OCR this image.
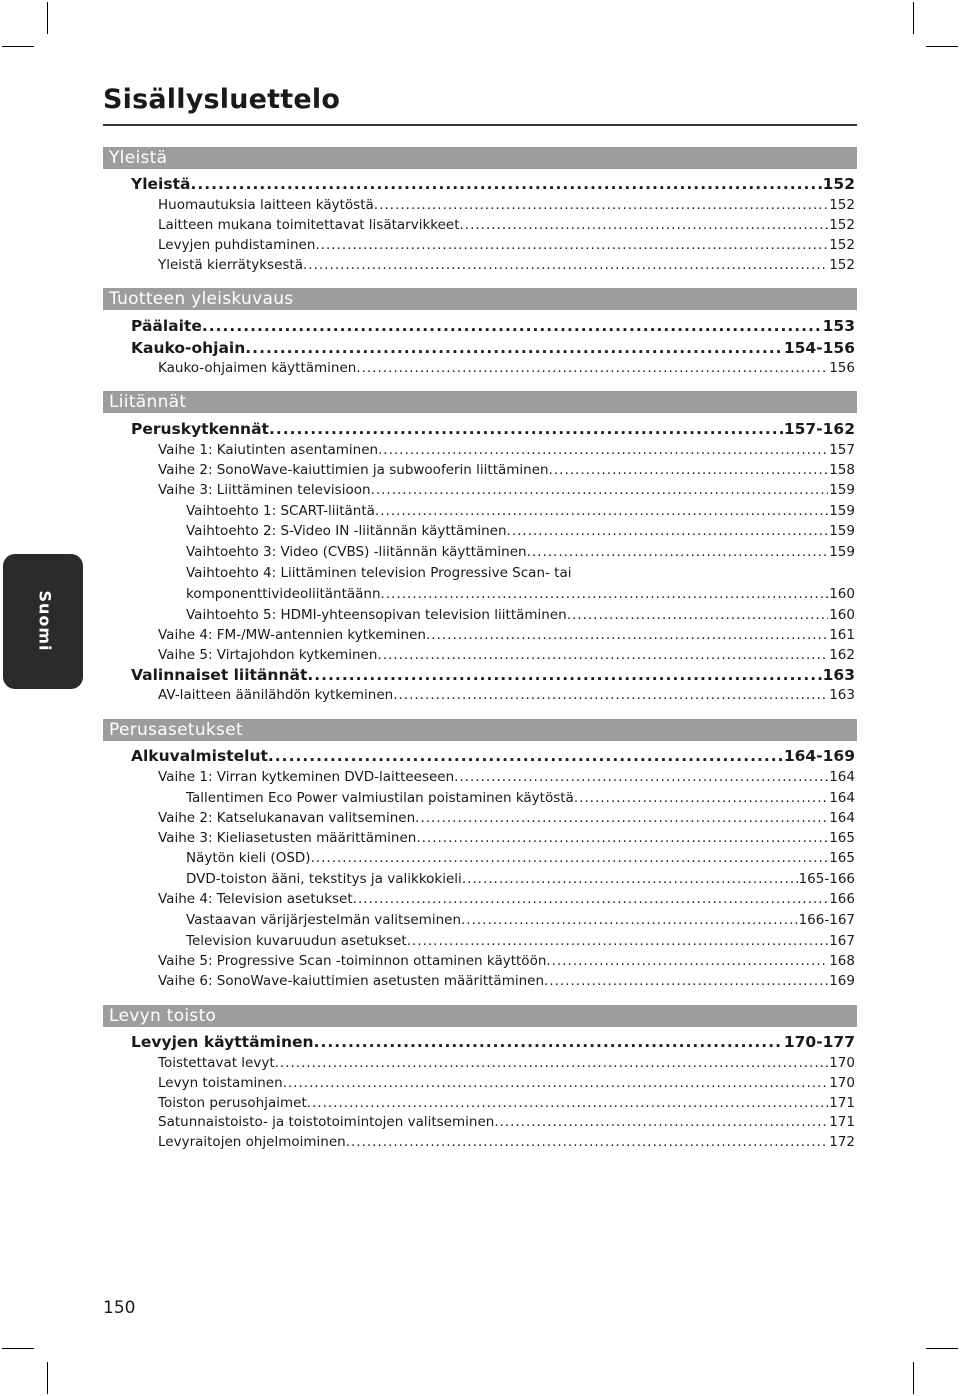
Sisällysluettelo
Suomi
Yleistä
Yleistä .....	152
Huomautuksia laitteen käytöstä .....	152
Laitteen mukana toimitettavat lisätarvikkeet .....	152
Levyjen puhdistaminen .....	152
Yleistä kierrätyksestä .....	152
Tuotteen yleiskuvaus
Päälaite .....	153
Kauko-ohjain .....	154-156
Kauko-ohjaimen käyttäminen .....	156
Liitännät
Peruskytkennät .....	157-162
Vaihe 1: Kaiutinten asentaminen .....	157
Vaihe 2: SonoWave-kaiuttimien ja subwooferin liittäminen .....	158
Vaihe 3: Liittäminen televisioon .....	159
Vaihtoehto 1: SCART-liitäntä .....	159
Vaihtoehto 2: S-Video IN -liitännän käyttäminen .....	159
Vaihtoehto 3: Video (CVBS) -liitännän käyttäminen .....	159
Vaihtoehto 4: Liittäminen television Progressive Scan- tai
komponenttivideoliitäntäänn .....	160
Vaihtoehto 5: HDMI-yhteensopivan television liittäminen .....	160
Vaihe 4: FM-/MW-antennien kytkeminen .....	161
Vaihe 5: Virtajohdon kytkeminen .....	162
Valinnaiset liitännät .....	163
AV-laitteen äänilähdön kytkeminen .....	163
Perusasetukset
Alkuvalmistelut .....	164-169
Vaihe 1: Virran kytkeminen DVD-laitteeseen .....	164
Tallentimen Eco Power valmiustilan poistaminen käytöstä .....	164
Vaihe 2: Katselukanavan valitseminen .....	164
Vaihe 3: Kieliasetusten määrittäminen .....	165
Näytön kieli (OSD) .....	165
DVD-toiston ääni, tekstitys ja valikkokieli .....	165-166
Vaihe 4: Television asetukset .....	166
Vastaavan värijärjestelmän valitseminen .....	166-167
Television kuvaruudun asetukset .....	167
Vaihe 5: Progressive Scan -toiminnon ottaminen käyttöön .....	168
Vaihe 6: SonoWave-kaiuttimien asetusten määrittäminen .....	169
Levyn toisto
Levyjen käyttäminen .....	170-177
Toistettavat levyt .....	170
Levyn toistaminen .....	170
Toiston perusohjaimet .....	171
Satunnaistoisto- ja toistotoimintojen valitseminen .....	171
Levyraitojen ohjelmoiminen .....	172
150
